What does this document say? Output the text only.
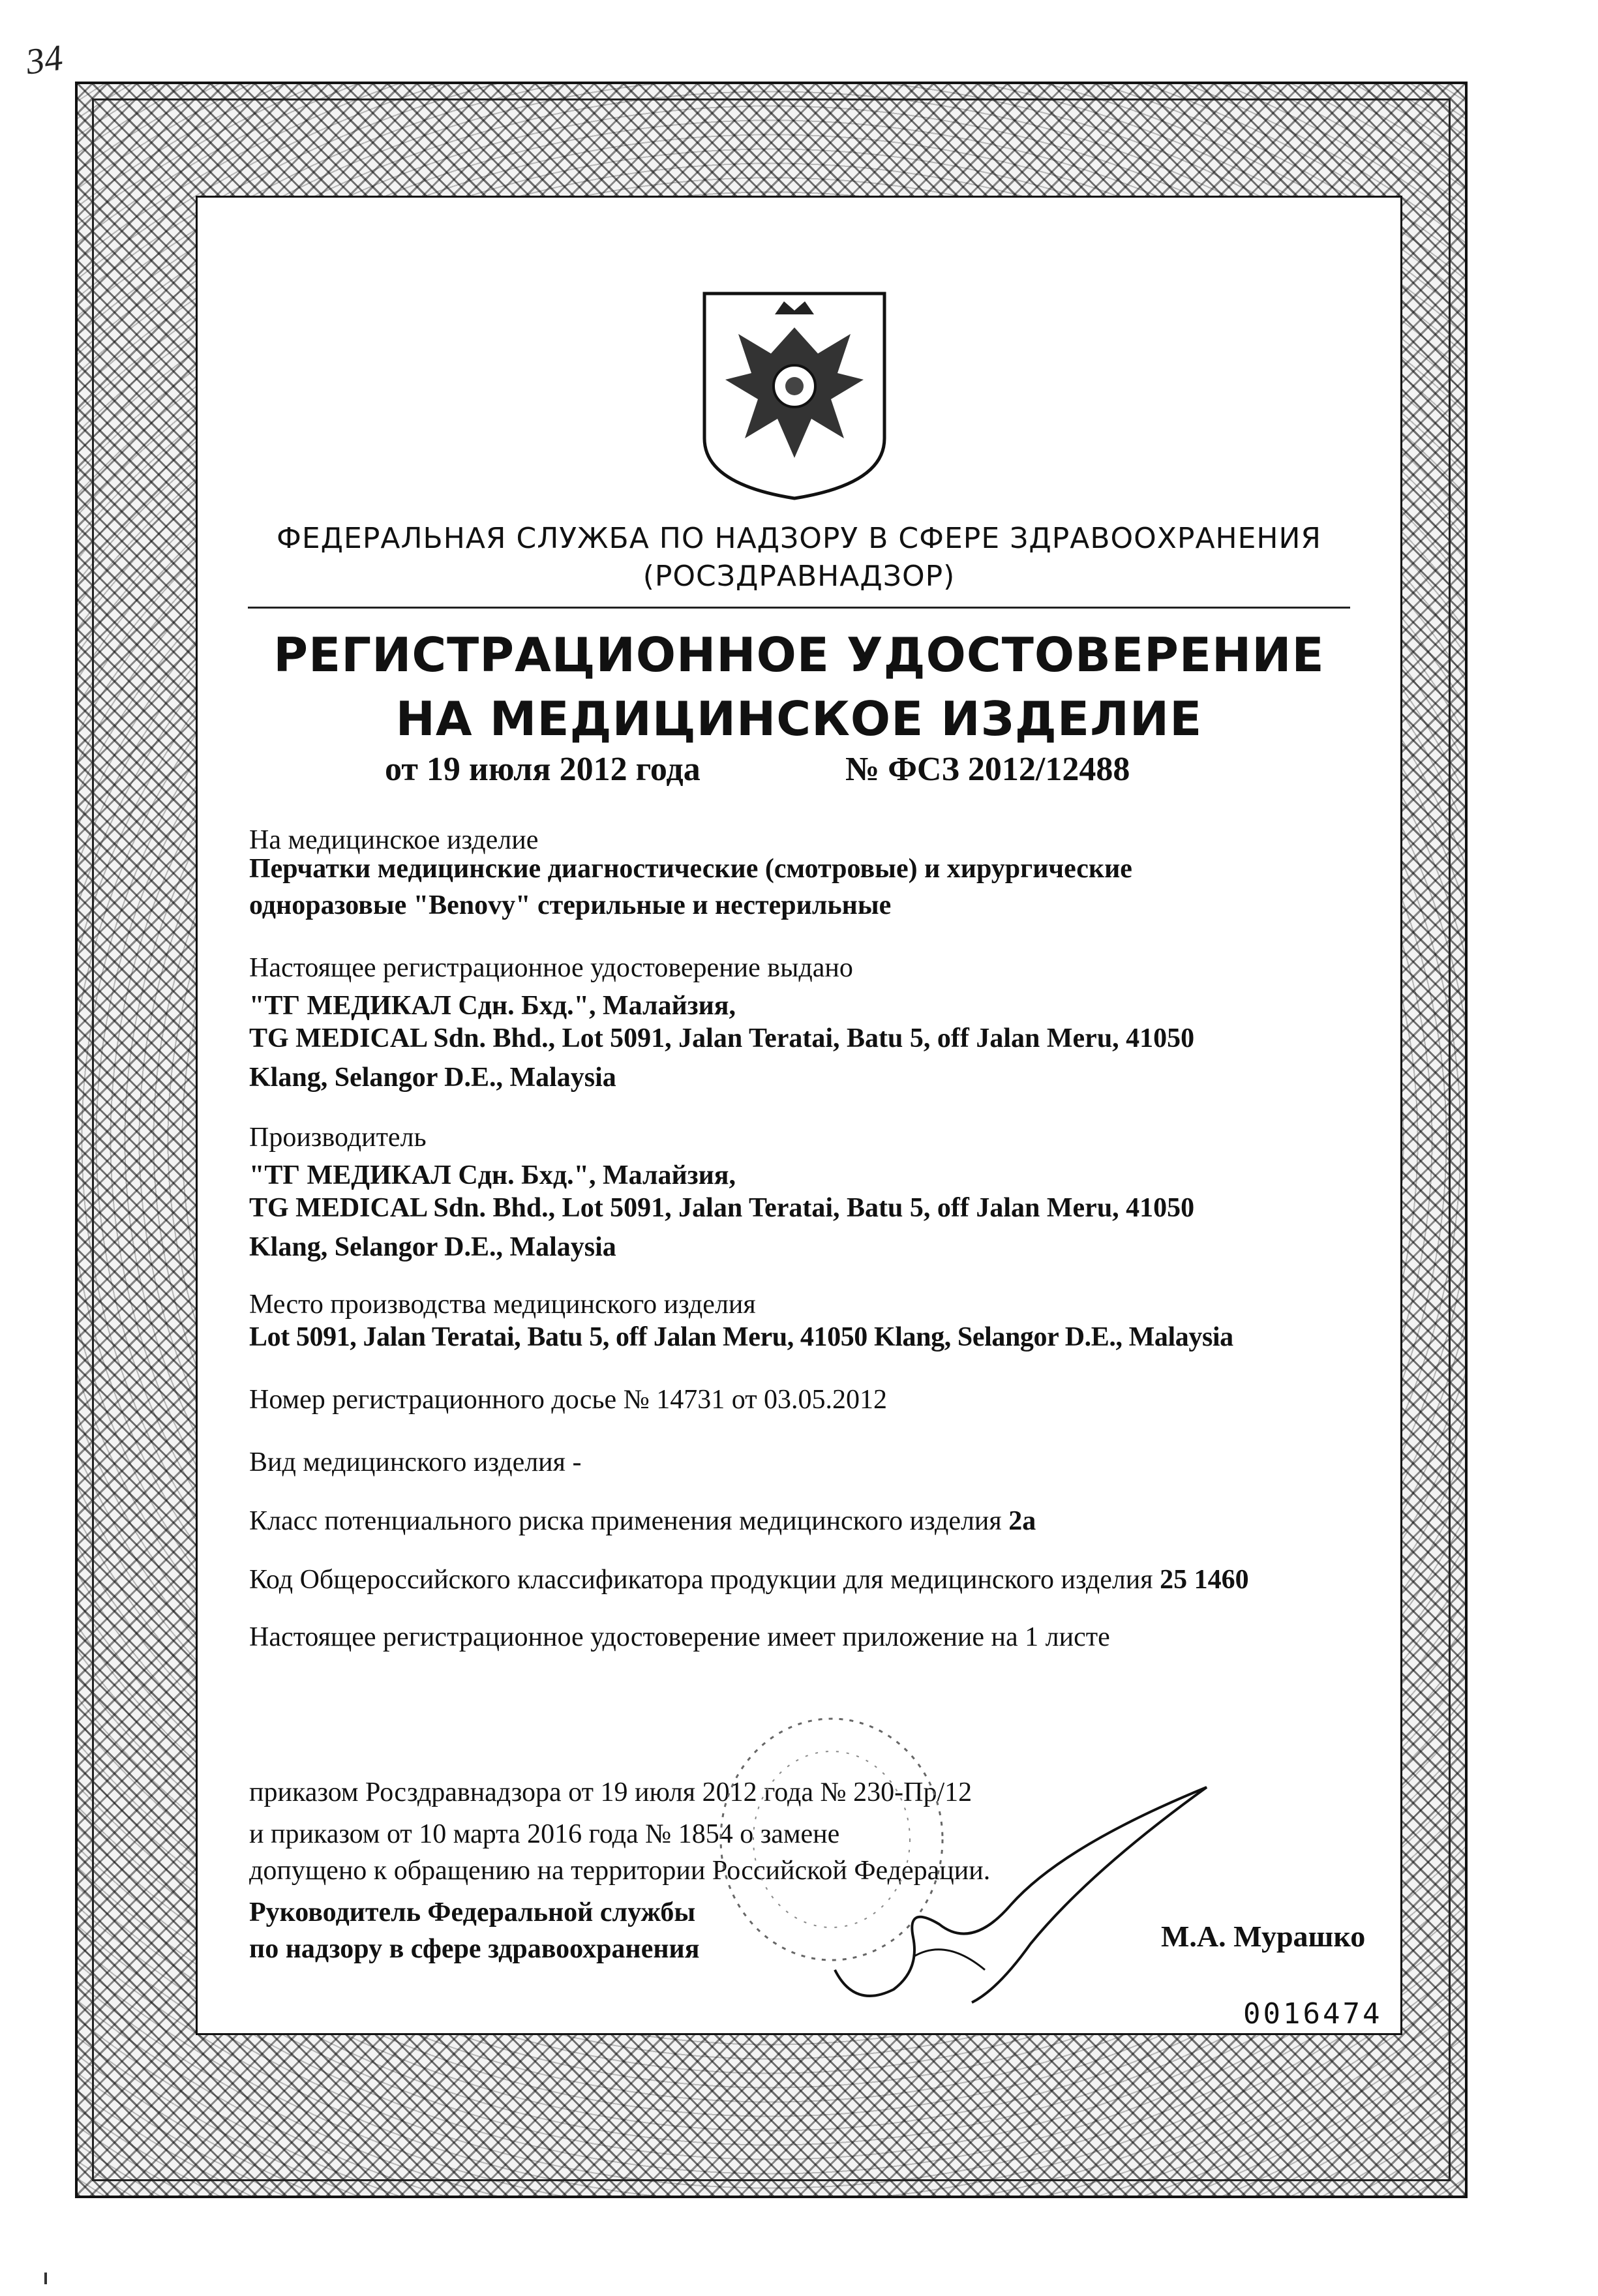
34
ФЕДЕРАЛЬНАЯ СЛУЖБА ПО НАДЗОРУ В СФЕРЕ ЗДРАВООХРАНЕНИЯ
(РОСЗДРАВНАДЗОР)
РЕГИСТРАЦИОННОЕ УДОСТОВЕРЕНИЕ
НА МЕДИЦИНСКОЕ ИЗДЕЛИЕ
от 19 июля 2012 года	№ ФСЗ 2012/12488
На медицинское изделие
Перчатки медицинские диагностические (смотровые) и хирургические
одноразовые "Benovy" стерильные и нестерильные
Настоящее регистрационное удостоверение выдано
"ТГ МЕДИКАЛ Сдн. Бхд.", Малайзия,
TG MEDICAL Sdn. Bhd., Lot 5091, Jalan Teratai, Batu 5, off Jalan Meru, 41050
Klang, Selangor D.E., Malaysia
Производитель
"ТГ МЕДИКАЛ Сдн. Бхд.", Малайзия,
TG MEDICAL Sdn. Bhd., Lot 5091, Jalan Teratai, Batu 5, off Jalan Meru, 41050
Klang, Selangor D.E., Malaysia
Место производства медицинского изделия
Lot 5091, Jalan Teratai, Batu 5, off Jalan Meru, 41050 Klang, Selangor D.E., Malaysia
Номер регистрационного досье № 14731 от 03.05.2012
Вид медицинского изделия -
Класс потенциального риска применения медицинского изделия 2а
Код Общероссийского классификатора продукции для медицинского изделия 25 1460
Настоящее регистрационное удостоверение имеет приложение на 1 листе
приказом Росздравнадзора от 19 июля 2012 года № 230-Пр/12
и приказом от 10 марта 2016 года № 1854 о замене
допущено к обращению на территории Российской Федерации.
Руководитель Федеральной службы
по надзору в сфере здравоохранения	М.А. Мурашко
0016474
